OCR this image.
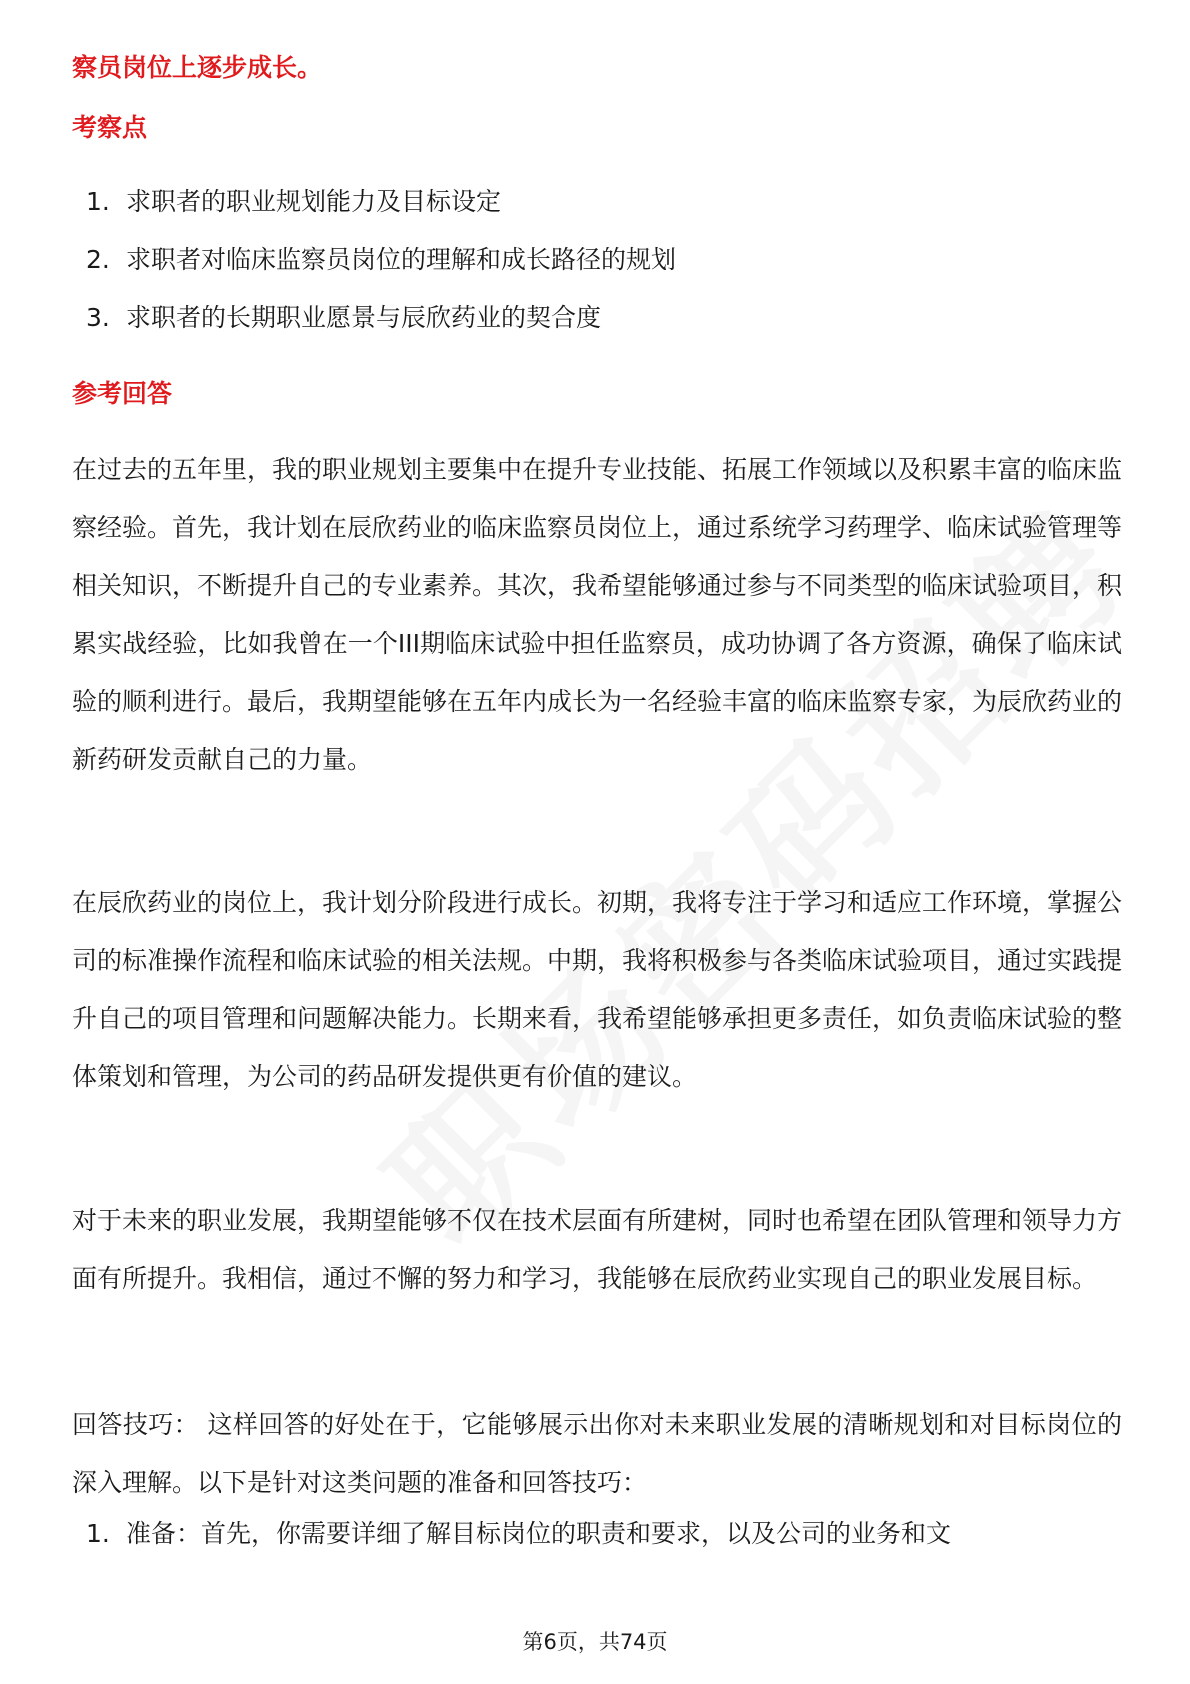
察员岗位上逐步成长。

考察点
1. 求职者的职业规划能力及目标设定
2. 求职者对临床监察员岗位的理解和成长路径的规划
3. 求职者的长期职业愿景与辰欣药业的契合度
参考回答

在过去的五年里，我的职业规划主要集中在提升专业技能、拓展工作领域以及积累丰富的临床监察经验。首先，我计划在辰欣药业的临床监察员岗位上，通过系统学习药理学、临床试验管理等相关知识，不断提升自己的专业素养。其次，我希望能够通过参与不同类型的临床试验项目，积累实战经验，比如我曾在一个III期临床试验中担任监察员，成功协调了各方资源，确保了临床试验的顺利进行。最后，我期望能够在五年内成长为一名经验丰富的临床监察专家，为辰欣药业的新药研发贡献自己的力量。

在辰欣药业的岗位上，我计划分阶段进行成长。初期，我将专注于学习和适应工作环境，掌握公司的标准操作流程和临床试验的相关法规。中期，我将积极参与各类临床试验项目，通过实践提升自己的项目管理和问题解决能力。长期来看，我希望能够承担更多责任，如负责临床试验的整体策划和管理，为公司的药品研发提供更有价值的建议。

对于未来的职业发展，我期望能够不仅在技术层面有所建树，同时也希望在团队管理和领导力方面有所提升。我相信，通过不懈的努力和学习，我能够在辰欣药业实现自己的职业发展目标。

回答技巧： 这样回答的好处在于，它能够展示出你对未来职业发展的清晰规划和对目标岗位的深入理解。以下是针对这类问题的准备和回答技巧：

1. 准备：首先，你需要详细了解目标岗位的职责和要求，以及公司的业务和文

第6页，共74页
